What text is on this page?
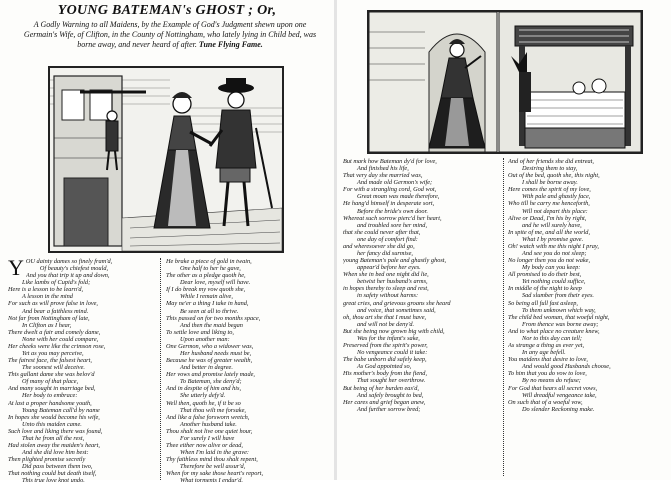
YOUNG BATEMAN's GHOST ; Or,
A Godly Warning to all Maidens, by the Example of God's Judgment shewn upon one Germain's Wife, of Clifton, in the County of Nottingham, who lately lying in Child bed, was borne away, and never heard of after. Tune Flying Fame.
Y OU dainty dames so finely fram'd,
Of beauty's chiefest mould,
And you that trip it up and down,
Like lambs of Cupid's fold;
Here is a lesson to be learn'd,
A lesson in the mind
For such as will prove false in love,
And bear a faithless mind.
Not far from Nottingham of late,
In Clifton as I hear,
There dwelt a fair and comely dame,
None with her could compare,
Her cheeks were like the crimson rose,
Yet as you may perceive,
The fairest face, the falsest heart,
The soonest will deceive.
This gallant dame she was belov'd
Of many of that place,
And many sought in marriage bed,
Her body to embrace:
At last a proper handsome youth,
Young Bateman call'd by name
In hopes she would become his wife,
Unto this maiden came.
Such love and liking there was found,
That he from all the rest,
Had stolen away the maiden's heart,
And she did love him best:
Then plighted promise secretly
Did pass between them two,
That nothing could but death itself,
This true love knot undo.
He brake a piece of gold in twain,
One half to her he gave,
The other as a pledge quoth he,
Dear love, myself will have.
If I do break my vow quoth she,
While I remain alive,
May ne'er a thing I take in hand,
Be seen at all to thrive.
This passed on for two months space,
And then the maid began
To settle love and liking to,
Upon another man:
One Germon, who a widower was,
Her husband needs must be,
Because he was of greater wealth,
And better in degree.
Her vows and promise lately made,
To Bateman, she deny'd;
And in despite of him and his,
She utterly defy'd.
Well then, quoth he, if it be so
That thou wilt me forsake,
And like a false forsworn wretch,
Another husband take.
Thou shalt not live one quiet hour,
For surely I will have
Thee either now alive or dead,
When I'm laid in the grave:
Thy faithless mind thou shalt repent,
Therefore be well assur'd,
When for my sake those heart's report,
What torments I endur'd.
But mark how Bateman dy'd for love,
And finished his life,
That very day she married was,
And made old Germon's wife;
For with a strangling cord, God wot,
Great moan was made therefore,
He hang'd himself in desperate sort,
Before the bride's own door.
Whereat such sorrow pierc'd her heart,
and troubled sore her mind,
that she could never after that,
one day of comfort find:
and wheresoever she did go,
her fancy did surmise,
young Bateman's pale and ghastly ghost,
appear'd before her eyes.
When she in bed one night did lie,
betwixt her husband's arms,
in hopes thereby to sleep and rest,
in safety without harms:
great cries, and grievous groans she heard
and voice, that sometimes said,
oh, thou art she that I must have,
and will not be deny'd.
But she being now grown big with child,
Was for the infant's sake,
Preserved from the spirit's power,
No vengeance could it take:
The babe unborn did safely keep,
As God appointed so,
His mother's body from the fiend,
That sought her overthrow.
But being of her burden eas'd,
And safely brought to bed,
Her cares and grief began anew,
And further sorrow bred;
And of her friends she did entreat,
Desiring them to stay,
Out of the bed, quoth she, this night,
I shall be borne away.
Here comes the spirit of my love,
With pale and ghastly face,
Who till he carry me henceforth,
Will not depart this place:
Alive or Dead, I'm his by right,
and he will surely have,
In spite of me, and all the world,
What I by promise gave.
Oh! watch with me this night I pray,
And see you do not sleep;
No longer then you do not wake,
My body can you keep:
All promised to do their best,
Yet nothing could suffice,
In middle of the night to keep
Sad slumber from their eyes.
So being all full fast asleep,
To them unknown which way,
The child bed woman, that woeful night,
From thence was borne away;
And to what place no creature knew,
Nor to this day can tell;
As strange a thing as ever yet,
In any age befell.
You maidens that desire to love,
And would good Husbands choose,
To him that you do vow to love,
By no means do refuse;
For God that hears all secret vows,
Will dreadful vengeance take,
On such that of a woeful vow,
Do slender Reckoning make.
